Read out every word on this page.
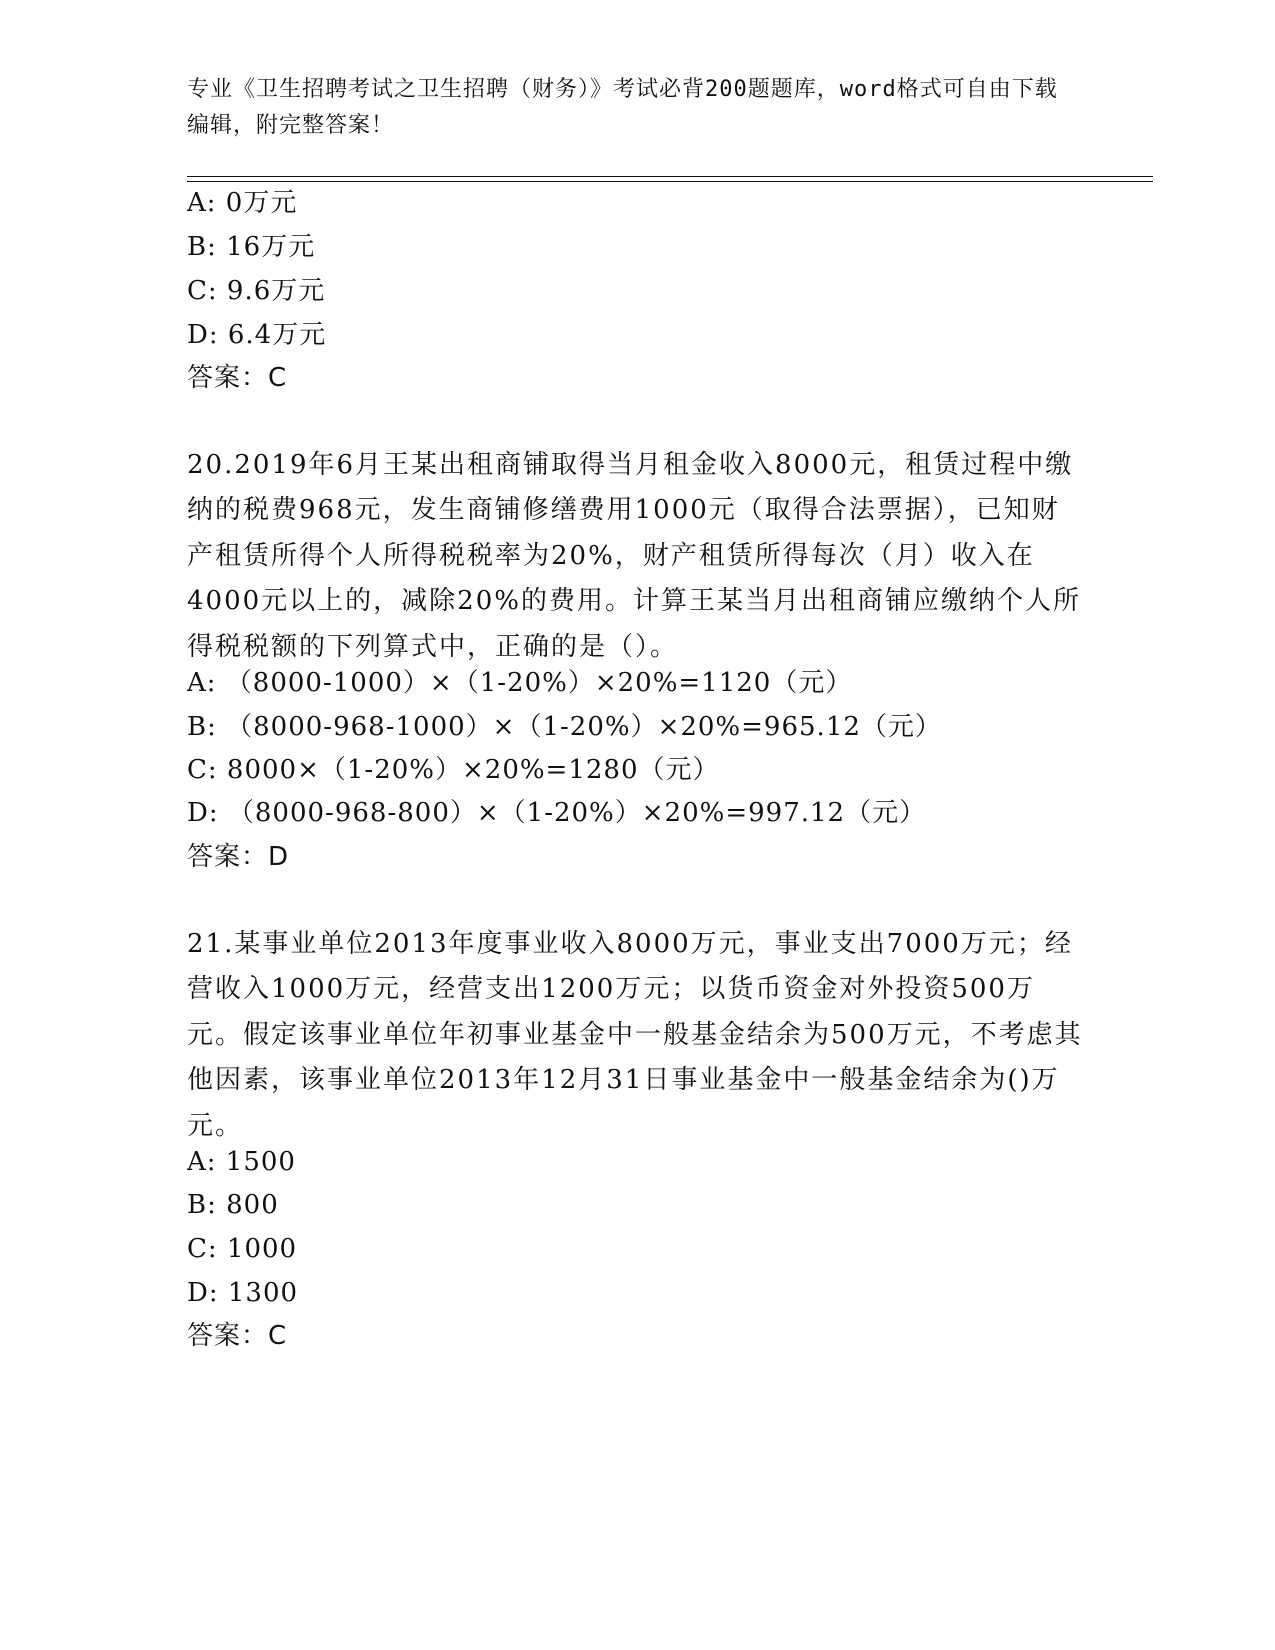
专业《卫生招聘考试之卫生招聘（财务）》考试必背200题题库，word格式可自由下载编辑，附完整答案！
A: 0万元
B: 16万元
C: 9.6万元
D: 6.4万元
答案：C
20.2019年6月王某出租商铺取得当月租金收入8000元，租赁过程中缴纳的税费968元，发生商铺修缮费用1000元（取得合法票据），已知财产租赁所得个人所得税税率为20%，财产租赁所得每次（月）收入在4000元以上的，减除20%的费用。计算王某当月出租商铺应缴纳个人所得税税额的下列算式中，正确的是（）。
A: （8000-1000）×（1-20%）×20%=1120（元）
B: （8000-968-1000）×（1-20%）×20%=965.12（元）
C: 8000×（1-20%）×20%=1280（元）
D: （8000-968-800）×（1-20%）×20%=997.12（元）
答案：D
21.某事业单位2013年度事业收入8000万元，事业支出7000万元；经营收入1000万元，经营支出1200万元；以货币资金对外投资500万元。假定该事业单位年初事业基金中一般基金结余为500万元，不考虑其他因素，该事业单位2013年12月31日事业基金中一般基金结余为()万元。
A: 1500
B: 800
C: 1000
D: 1300
答案：C
